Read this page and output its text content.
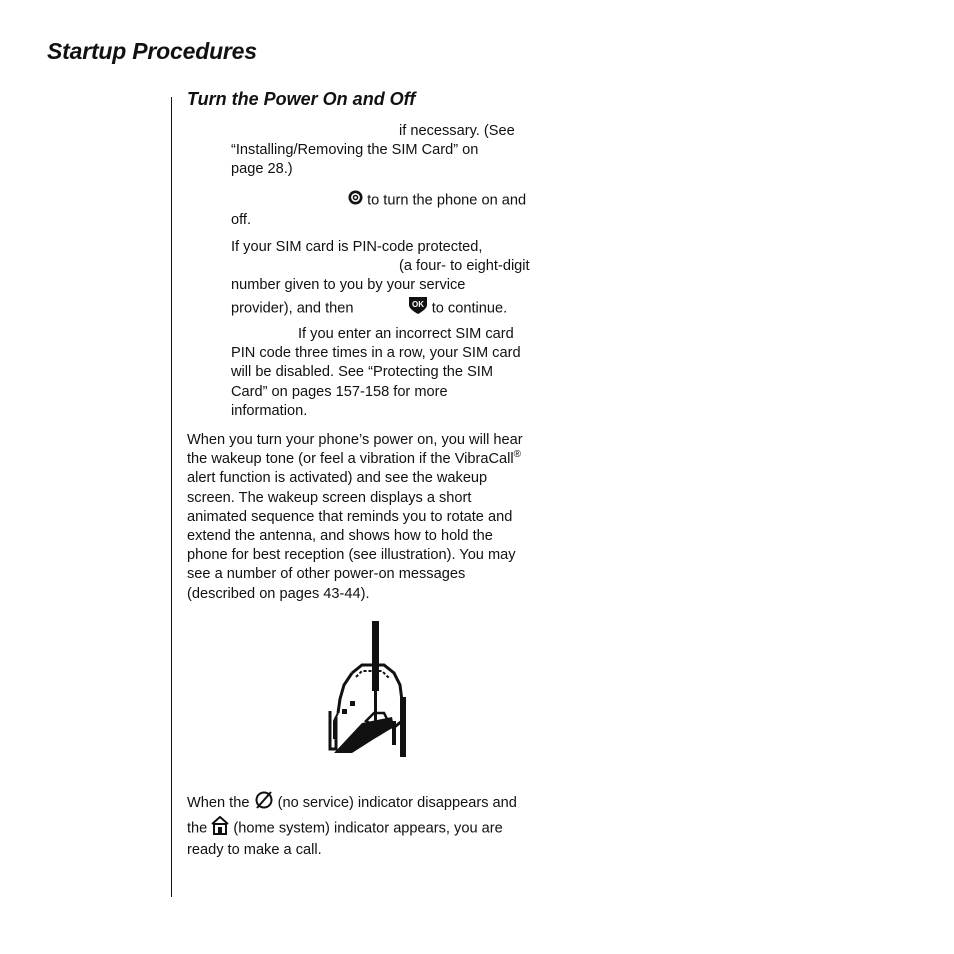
Startup Procedures
Turn the Power On and Off
if necessary. (See
“Installing/Removing the SIM Card” on
page 28.)
to turn the phone on and
off.
If your SIM card is PIN-code protected,
(a four- to eight-digit
number given to you by your service
provider), and then	OK to continue.
If you enter an incorrect SIM card
PIN code three times in a row, your SIM card
will be disabled. See “Protecting the SIM
Card” on pages 157-158 for more
information.
When you turn your phone’s power on, you will hear
the wakeup tone (or feel a vibration if the VibraCall®
alert function is activated) and see the wakeup
screen. The wakeup screen displays a short
animated sequence that reminds you to rotate and
extend the antenna, and shows how to hold the
phone for best reception (see illustration). You may
see a number of other power-on messages
(described on pages 43-44).
When the (no service) indicator disappears and
the (home system) indicator appears, you are
ready to make a call.
